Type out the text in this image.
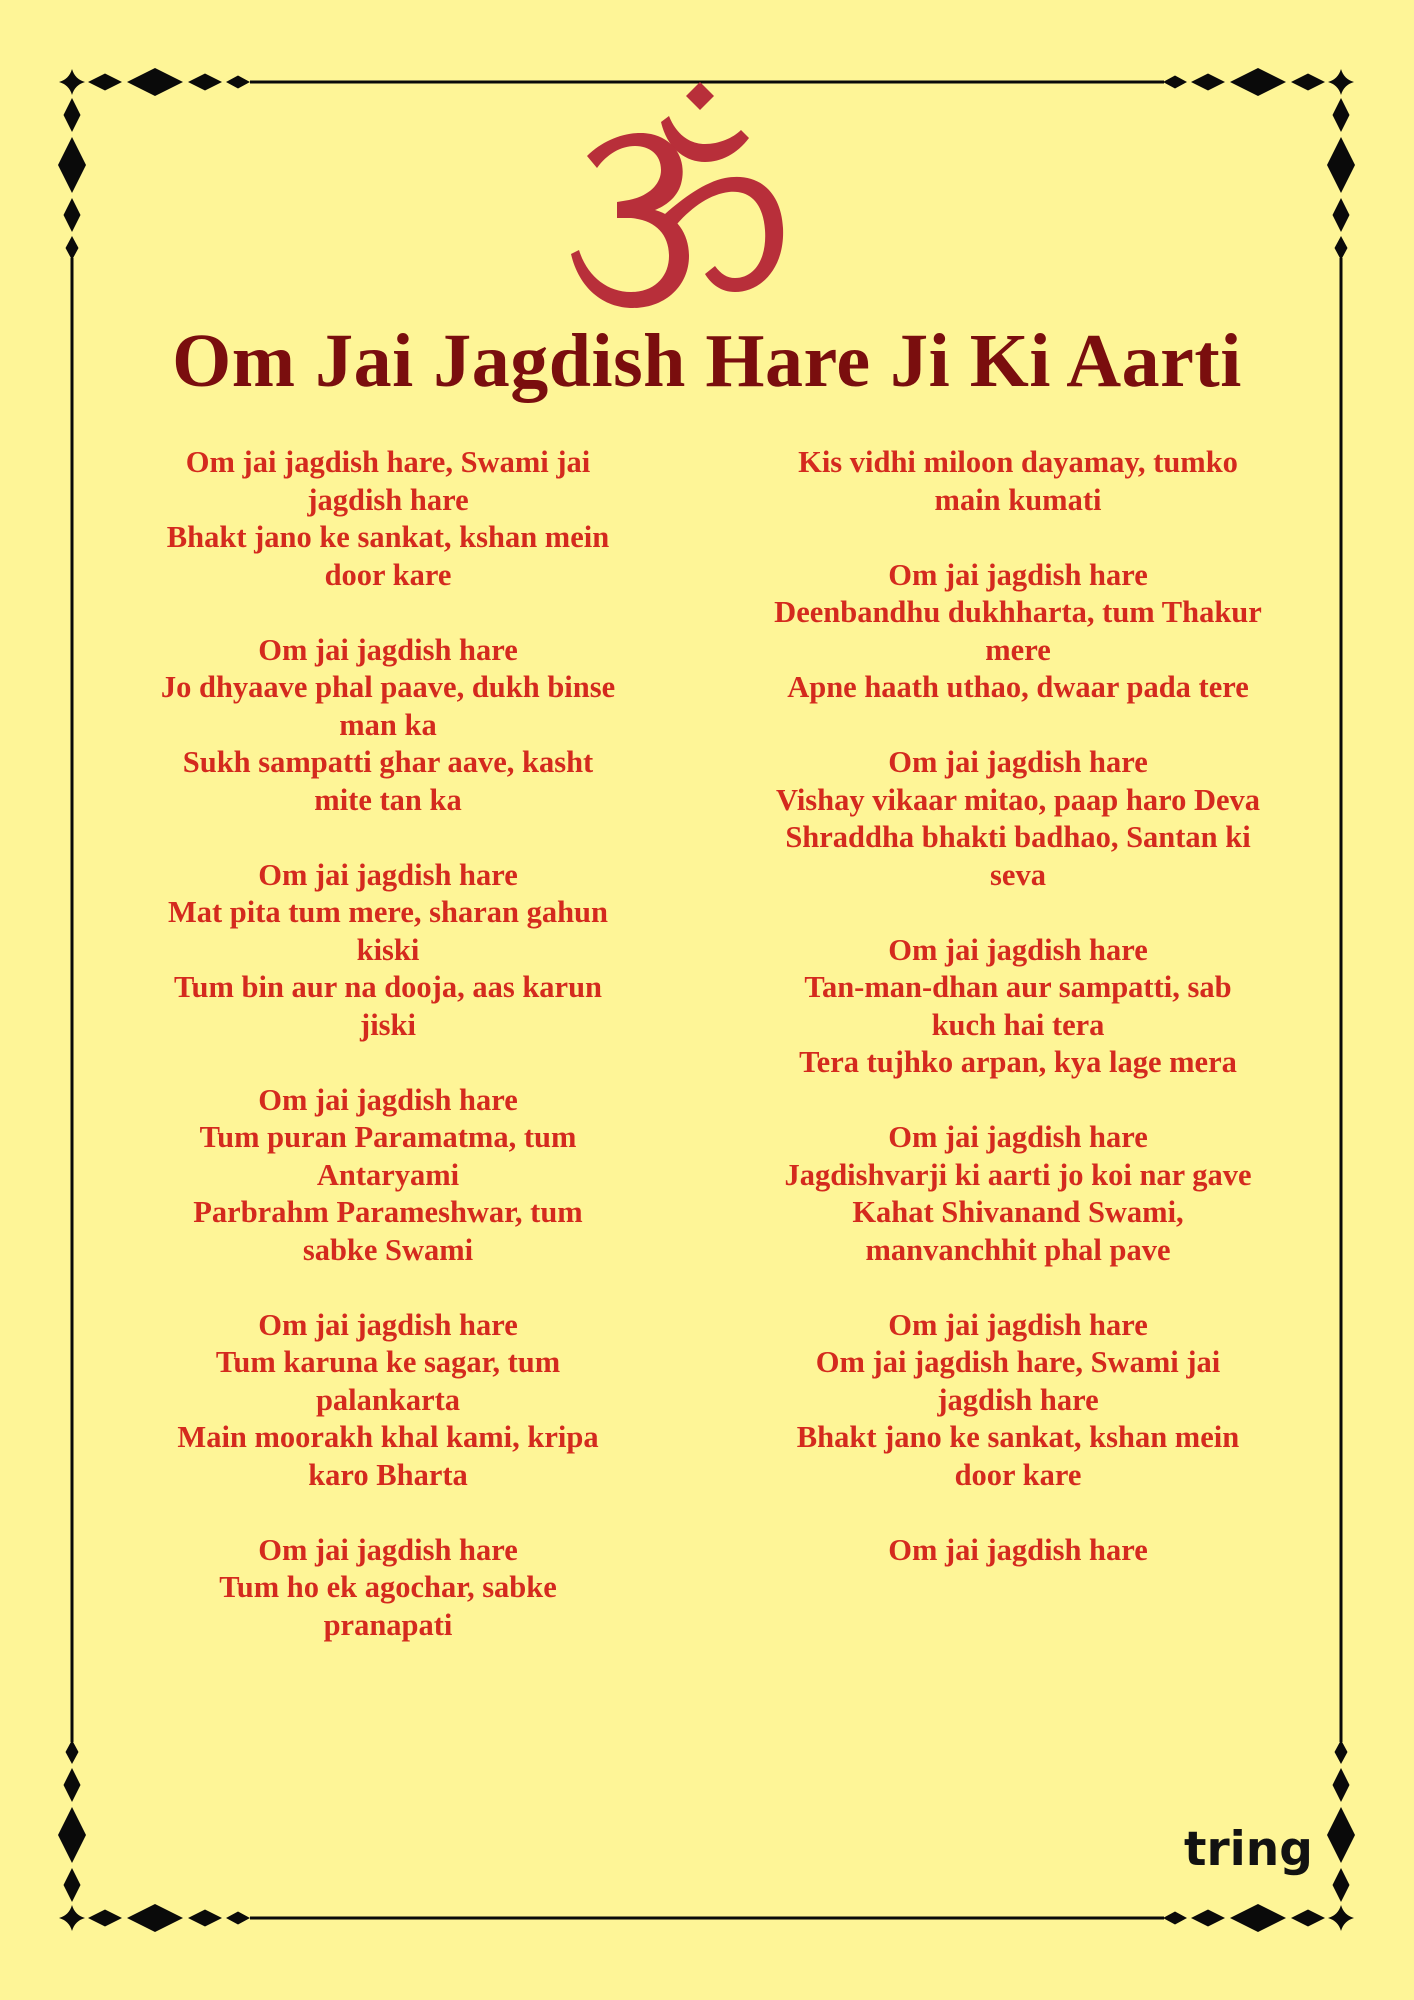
Om Jai Jagdish Hare Ji Ki Aarti
Om jai jagdish hare, Swami jai
jagdish hare
Bhakt jano ke sankat, kshan mein
door kare
Om jai jagdish hare
Jo dhyaave phal paave, dukh binse
man ka
Sukh sampatti ghar aave, kasht
mite tan ka
Om jai jagdish hare
Mat pita tum mere, sharan gahun
kiski
Tum bin aur na dooja, aas karun
jiski
Om jai jagdish hare
Tum puran Paramatma, tum
Antaryami
Parbrahm Parameshwar, tum
sabke Swami
Om jai jagdish hare
Tum karuna ke sagar, tum
palankarta
Main moorakh khal kami, kripa
karo Bharta
Om jai jagdish hare
Tum ho ek agochar, sabke
pranapati
Kis vidhi miloon dayamay, tumko
main kumati
Om jai jagdish hare
Deenbandhu dukhharta, tum Thakur
mere
Apne haath uthao, dwaar pada tere
Om jai jagdish hare
Vishay vikaar mitao, paap haro Deva
Shraddha bhakti badhao, Santan ki
seva
Om jai jagdish hare
Tan-man-dhan aur sampatti, sab
kuch hai tera
Tera tujhko arpan, kya lage mera
Om jai jagdish hare
Jagdishvarji ki aarti jo koi nar gave
Kahat Shivanand Swami,
manvanchhit phal pave
Om jai jagdish hare
Om jai jagdish hare, Swami jai
jagdish hare
Bhakt jano ke sankat, kshan mein
door kare
Om jai jagdish hare
tring
